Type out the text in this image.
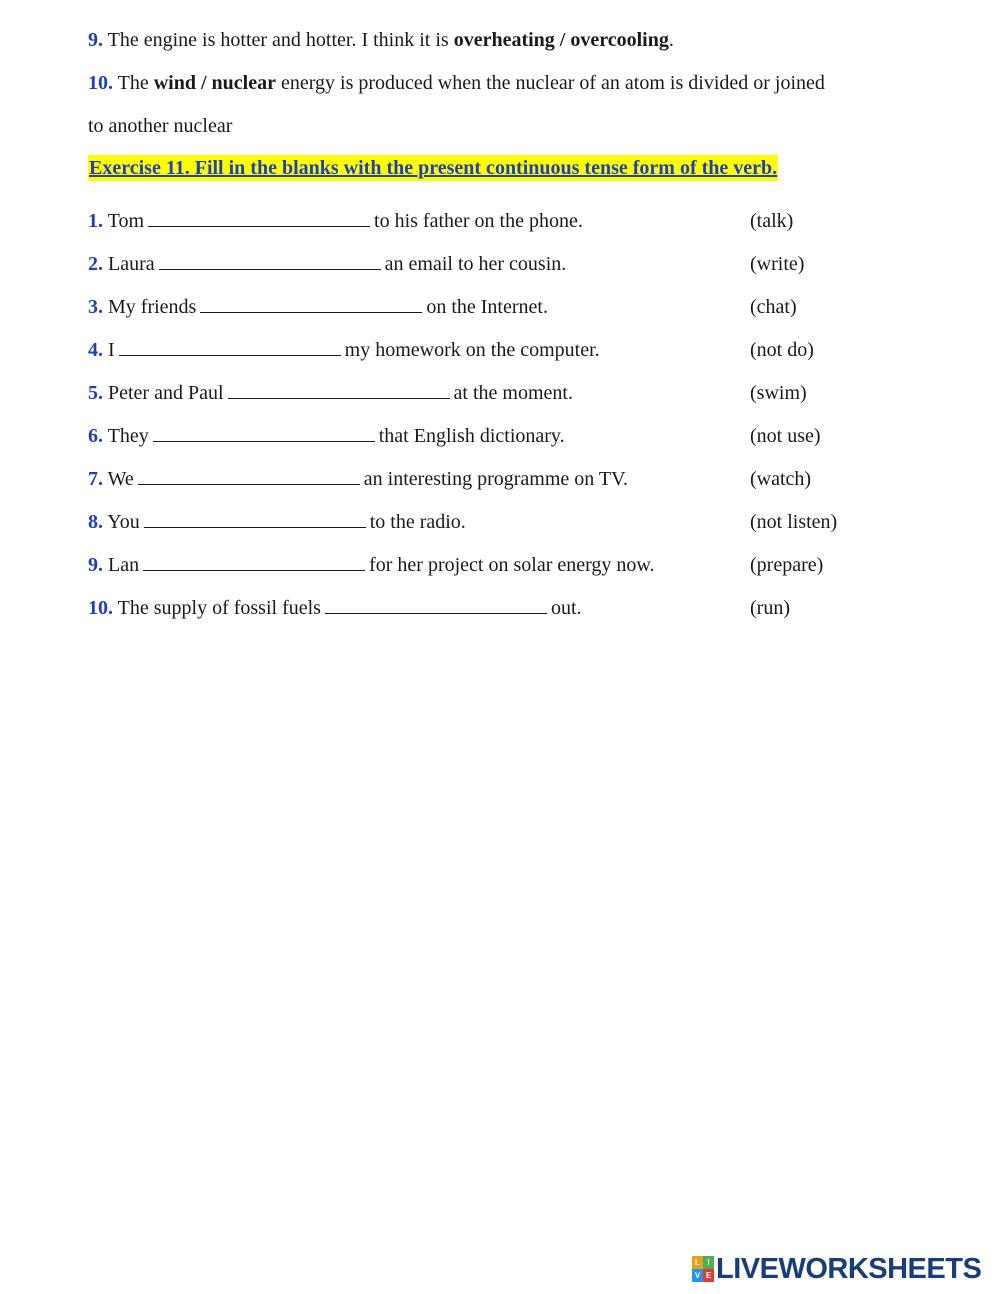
9. The engine is hotter and hotter. I think it is overheating / overcooling.
10. The wind / nuclear energy is produced when the nuclear of an atom is divided or joined
to another nuclear
Exercise 11. Fill in the blanks with the present continuous tense form of the verb.
1. Tom	to his father on the phone.	(talk)
2. Laura	an email to her cousin.	(write)
3. My friends	on the Internet.	(chat)
4. I	my homework on the computer.	(not do)
5. Peter and Paul	at the moment.	(swim)
6. They	that English dictionary.	(not use)
7. We	an interesting programme on TV.	(watch)
8. You	to the radio.	(not listen)
9. Lan	for her project on solar energy now.	(prepare)
10. The supply of fossil fuels	out.	(run)
L I
V E LIVEWORKSHEETS
